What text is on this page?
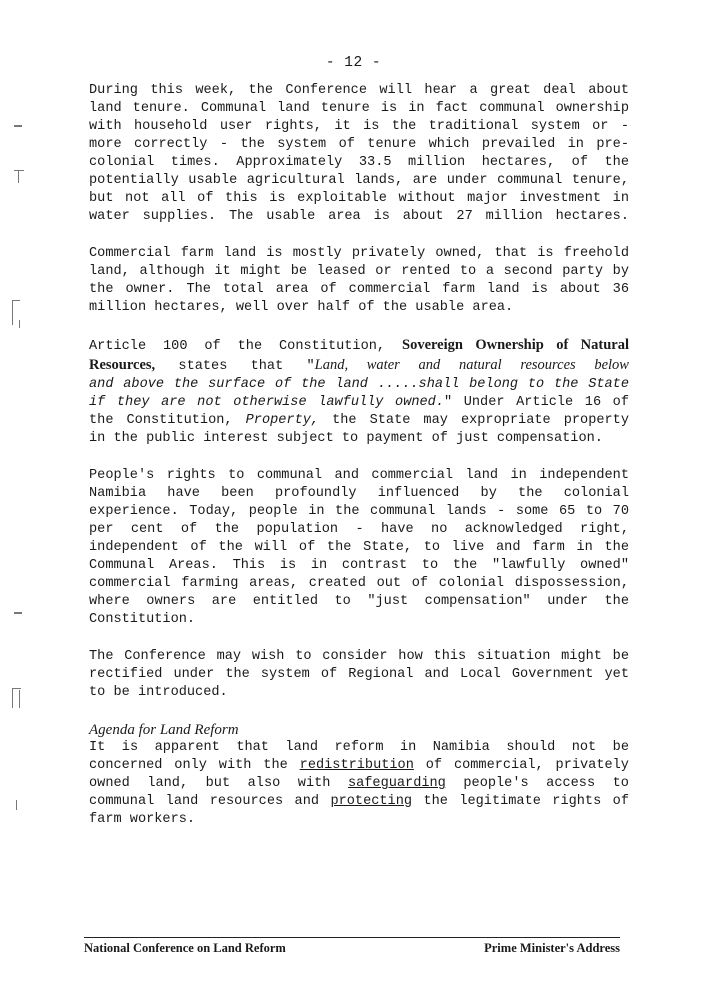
- 12 -

During this week, the Conference will hear a great deal about
land tenure. Communal land tenure is in fact communal ownership
with household user rights, it is the traditional system or -
more correctly - the system of tenure which prevailed in pre-
colonial times. Approximately 33.5 million hectares, of the
potentially usable agricultural lands, are under communal tenure,
but not all of this is exploitable without major investment in
water supplies. The usable area is about 27 million hectares.

Commercial farm land is mostly privately owned, that is freehold
land, although it might be leased or rented to a second party by
the owner. The total area of commercial farm land is about 36
million hectares, well over half of the usable area.

Article 100 of the Constitution, Sovereign Ownership of Natural
Resources, states that "Land, water and natural resources below
and above the surface of the land .....shall belong to the State
if they are not otherwise lawfully owned." Under Article 16 of
the Constitution, Property, the State may expropriate property
in the public interest subject to payment of just compensation.

People's rights to communal and commercial land in independent
Namibia have been profoundly influenced by the colonial
experience. Today, people in the communal lands - some 65 to 70
per cent of the population - have no acknowledged right,
independent of the will of the State, to live and farm in the
Communal Areas. This is in contrast to the "lawfully owned"
commercial farming areas, created out of colonial dispossession,
where owners are entitled to "just compensation" under the
Constitution.

The Conference may wish to consider how this situation might be
rectified under the system of Regional and Local Government yet
to be introduced.

Agenda for Land Reform

It is apparent that land reform in Namibia should not be
concerned only with the redistribution of commercial, privately
owned land, but also with safeguarding people's access to
communal land resources and protecting the legitimate rights of
farm workers.
National Conference on Land Reform	Prime Minister's Address
